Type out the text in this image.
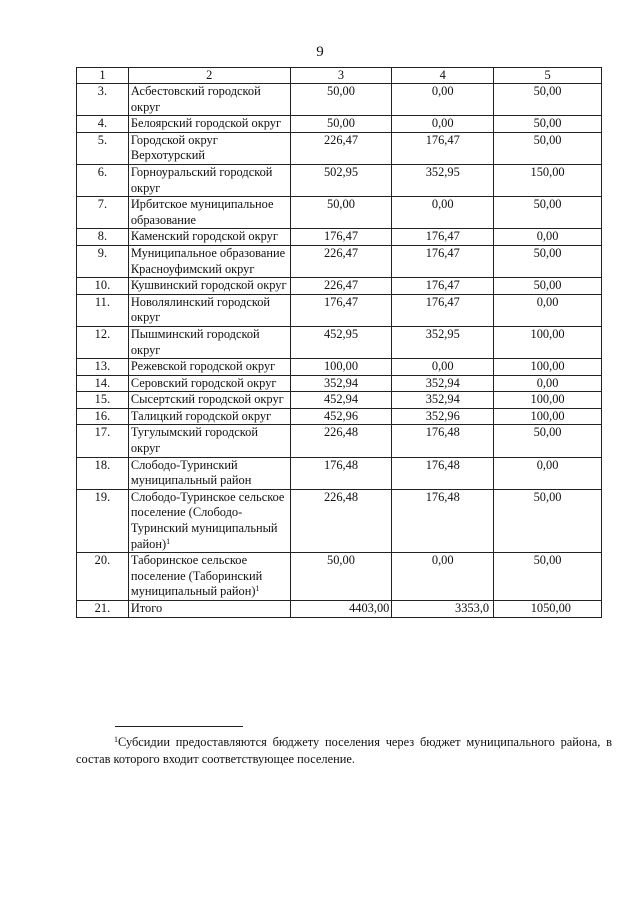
9
1	2	3	4	5
3.	Асбестовский городской округ	50,00	0,00	50,00
4.	Белоярский городской округ	50,00	0,00	50,00
5.	Городской округ Верхотурский	226,47	176,47	50,00
6.	Горноуральский городской округ	502,95	352,95	150,00
7.	Ирбитское муниципальное образование	50,00	0,00	50,00
8.	Каменский городской округ	176,47	176,47	0,00
9.	Муниципальное образование Красноуфимский округ	226,47	176,47	50,00
10.	Кушвинский городской округ	226,47	176,47	50,00
11.	Новолялинский городской округ	176,47	176,47	0,00
12.	Пышминский городской округ	452,95	352,95	100,00
13.	Режевской городской округ	100,00	0,00	100,00
14.	Серовский городской округ	352,94	352,94	0,00
15.	Сысертский городской округ	452,94	352,94	100,00
16.	Талицкий городской округ	452,96	352,96	100,00
17.	Тугулымский городской округ	226,48	176,48	50,00
18.	Слободо-Туринский муниципальный район	176,48	176,48	0,00
19.	Слободо-Туринское сельское поселение (Слободо-Туринский муниципальный район)$^1$	226,48	176,48	50,00
20.	Таборинское сельское поселение (Таборинский муниципальный район)$^1$	50,00	0,00	50,00
21.	Итого	4403,00	3353,0	1050,00
$^1$Субсидии предоставляются бюджету поселения через бюджет муниципального района, в состав которого входит соответствующее поселение.
